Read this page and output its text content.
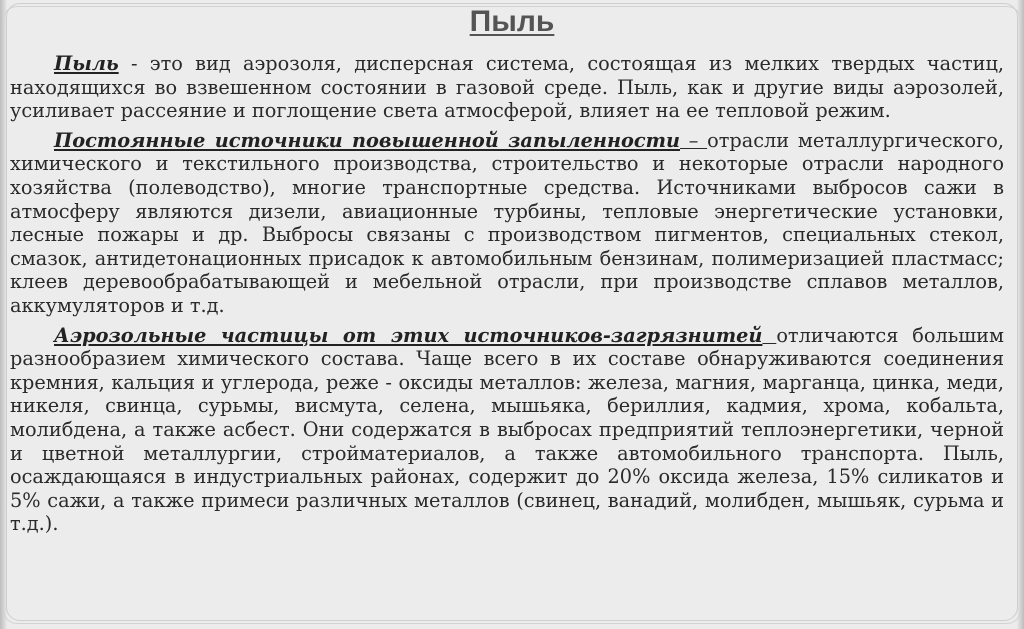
Пыль

Пыль - это вид аэрозоля, дисперсная система, состоящая из мелких твердых частиц, находящихся во взвешенном состоянии в газовой среде. Пыль, как и другие виды аэрозолей, усиливает рассеяние и поглощение света атмосферой, влияет на ее тепловой режим.

Постоянные источники повышенной запыленности – отрасли металлургического, химического и текстильного производства, строительство и некоторые отрасли народного хозяйства (полеводство), многие транспортные средства. Источниками выбросов сажи в атмосферу являются дизели, авиационные турбины, тепловые энергетические установки, лесные пожары и др. Выбросы связаны с производством пигментов, специальных стекол, смазок, антидетонационных присадок к автомобильным бензинам, полимеризацией пластмасс; клеев деревообрабатывающей и мебельной отрасли, при производстве сплавов металлов, аккумуляторов и т.д.

Аэрозольные частицы от этих источников-загрязнитей отличаются большим разнообразием химического состава. Чаще всего в их составе обнаруживаются соединения кремния, кальция и углерода, реже - оксиды металлов: железа, магния, марганца, цинка, меди, никеля, свинца, сурьмы, висмута, селена, мышьяка, бериллия, кадмия, хрома, кобальта, молибдена, а также асбест. Они содержатся в выбросах предприятий теплоэнергетики, черной и цветной металлургии, стройматериалов, а также автомобильного транспорта. Пыль, осаждающаяся в индустриальных районах, содержит до 20% оксида железа, 15% силикатов и 5% сажи, а также примеси различных металлов (свинец, ванадий, молибден, мышьяк, сурьма и т.д.).
